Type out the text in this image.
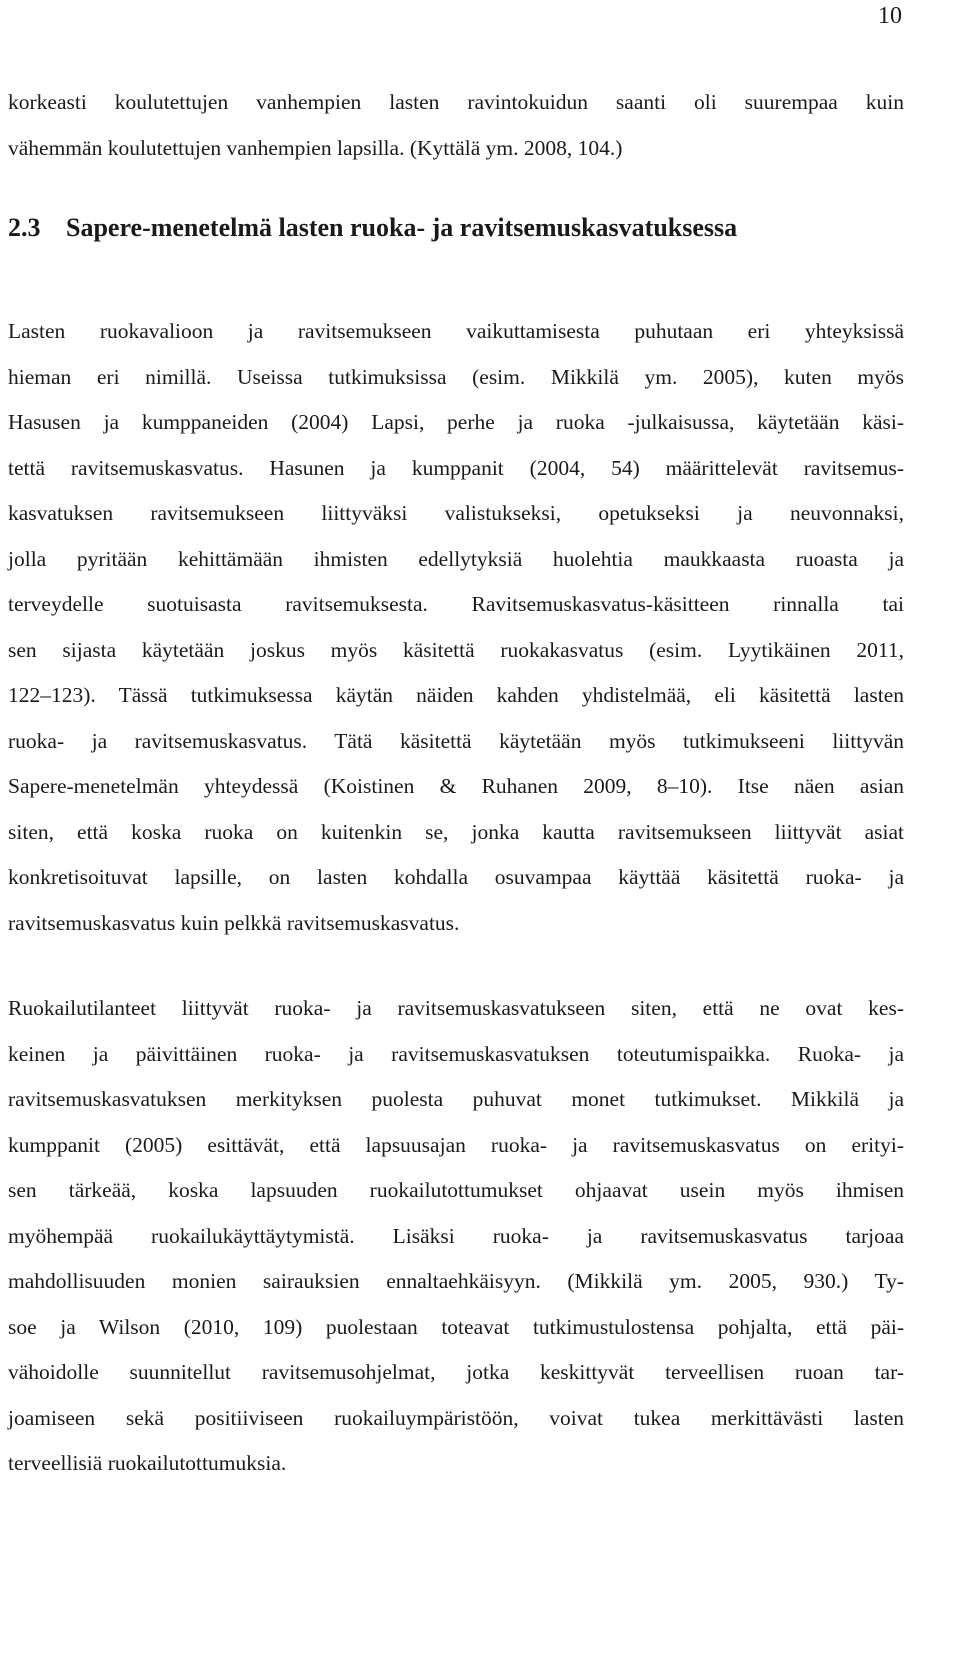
10

korkeasti koulutettujen vanhempien lasten ravintokuidun saanti oli suurempaa kuin
vähemmän koulutettujen vanhempien lapsilla. (Kyttälä ym. 2008, 104.)

2.3 Sapere-menetelmä lasten ruoka- ja ravitsemuskasvatuksessa

Lasten ruokavalioon ja ravitsemukseen vaikuttamisesta puhutaan eri yhteyksissä
hieman eri nimillä. Useissa tutkimuksissa (esim. Mikkilä ym. 2005), kuten myös
Hasusen ja kumppaneiden (2004) Lapsi, perhe ja ruoka -julkaisussa, käytetään käsi-
tettä ravitsemuskasvatus. Hasunen ja kumppanit (2004, 54) määrittelevät ravitsemus-
kasvatuksen ravitsemukseen liittyväksi valistukseksi, opetukseksi ja neuvonnaksi,
jolla pyritään kehittämään ihmisten edellytyksiä huolehtia maukkaasta ruoasta ja
terveydelle suotuisasta ravitsemuksesta. Ravitsemuskasvatus-käsitteen rinnalla tai
sen sijasta käytetään joskus myös käsitettä ruokakasvatus (esim. Lyytikäinen 2011,
122–123). Tässä tutkimuksessa käytän näiden kahden yhdistelmää, eli käsitettä lasten
ruoka- ja ravitsemuskasvatus. Tätä käsitettä käytetään myös tutkimukseeni liittyvän
Sapere-menetelmän yhteydessä (Koistinen & Ruhanen 2009, 8–10). Itse näen asian
siten, että koska ruoka on kuitenkin se, jonka kautta ravitsemukseen liittyvät asiat
konkretisoituvat lapsille, on lasten kohdalla osuvampaa käyttää käsitettä ruoka- ja
ravitsemuskasvatus kuin pelkkä ravitsemuskasvatus.

Ruokailutilanteet liittyvät ruoka- ja ravitsemuskasvatukseen siten, että ne ovat kes-
keinen ja päivittäinen ruoka- ja ravitsemuskasvatuksen toteutumispaikka. Ruoka- ja
ravitsemuskasvatuksen merkityksen puolesta puhuvat monet tutkimukset. Mikkilä ja
kumppanit (2005) esittävät, että lapsuusajan ruoka- ja ravitsemuskasvatus on erityi-
sen tärkeää, koska lapsuuden ruokailutottumukset ohjaavat usein myös ihmisen
myöhempää ruokailukäyttäytymistä. Lisäksi ruoka- ja ravitsemuskasvatus tarjoaa
mahdollisuuden monien sairauksien ennaltaehkäisyyn. (Mikkilä ym. 2005, 930.) Ty-
soe ja Wilson (2010, 109) puolestaan toteavat tutkimustulostensa pohjalta, että päi-
vähoidolle suunnitellut ravitsemusohjelmat, jotka keskittyvät terveellisen ruoan tar-
joamiseen sekä positiiviseen ruokailuympäristöön, voivat tukea merkittävästi lasten
terveellisiä ruokailutottumuksia.
